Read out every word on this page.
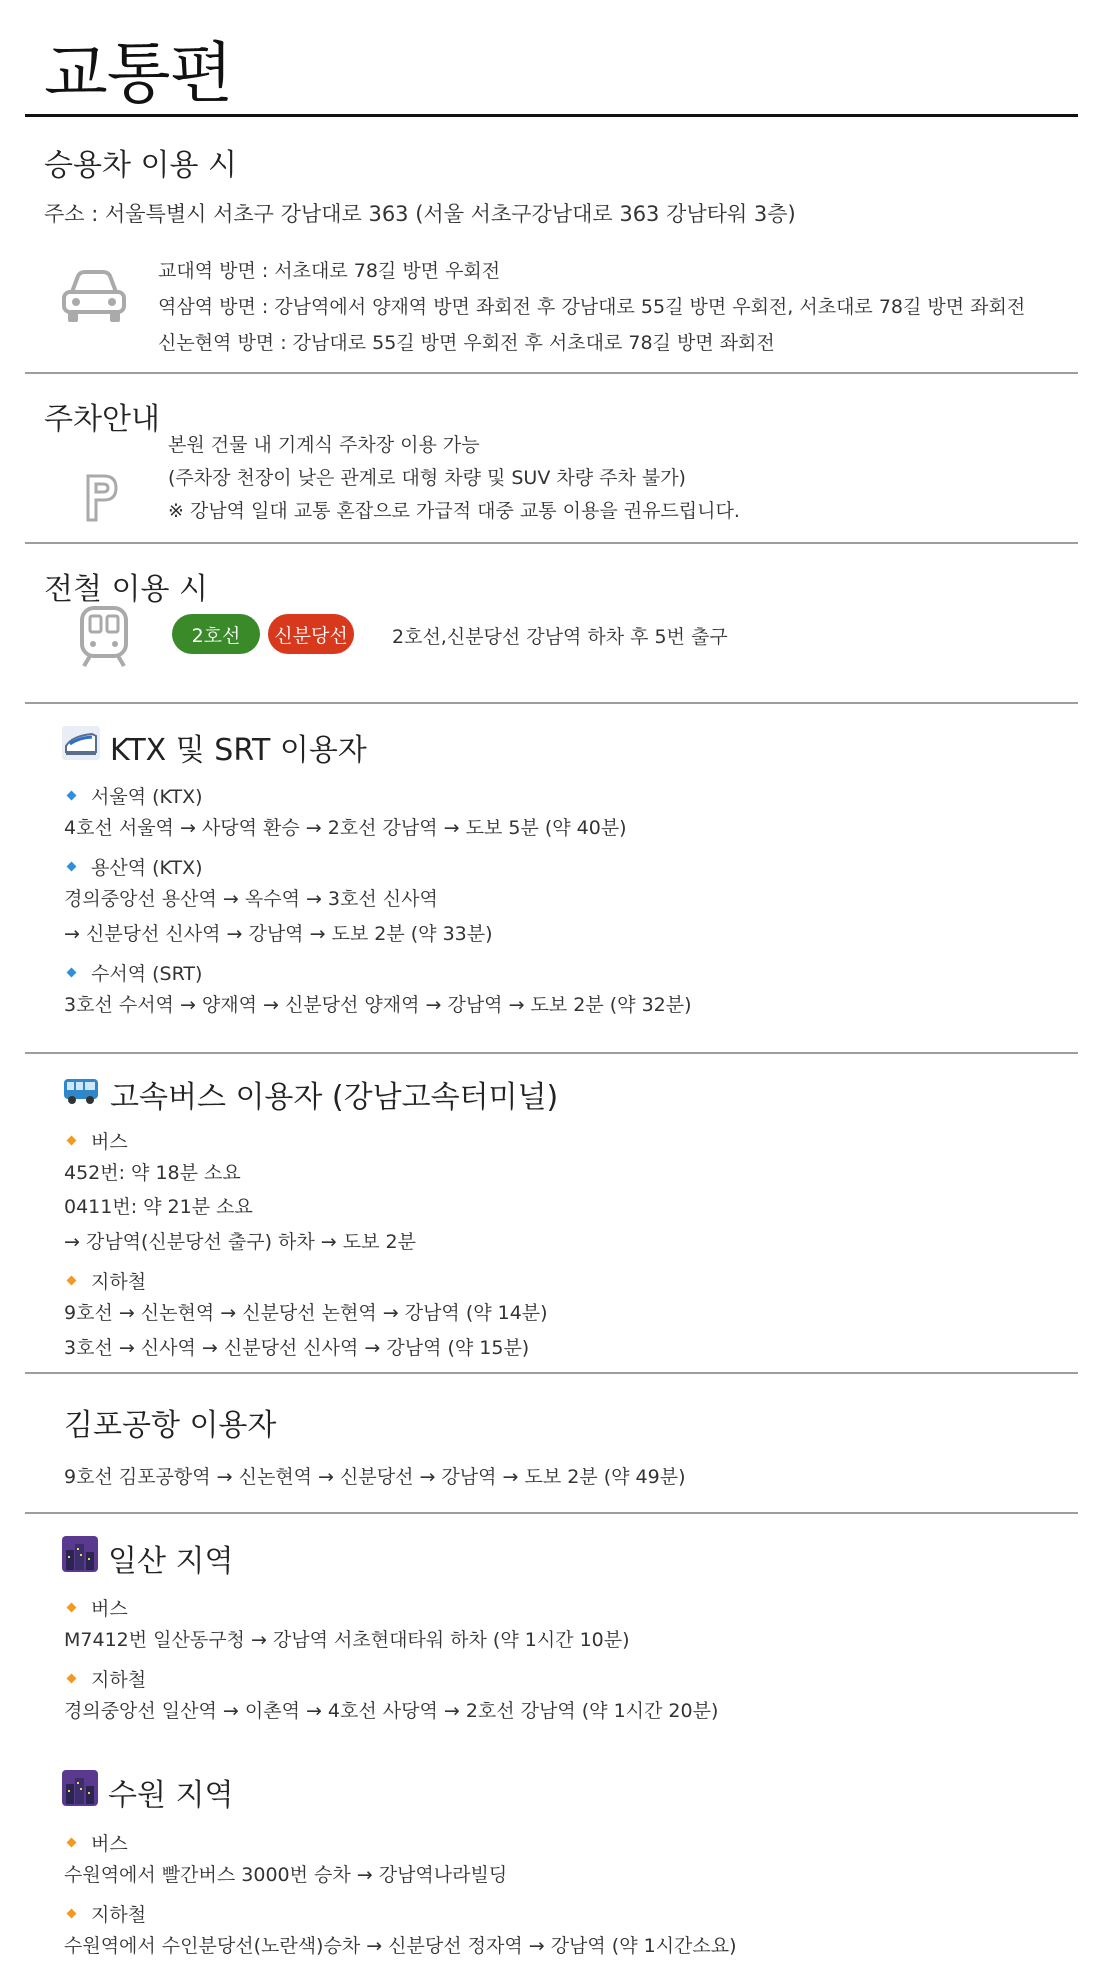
교통편
승용차 이용 시
주소 : 서울특별시 서초구 강남대로 363 (서울 서초구강남대로 363 강남타워 3층)
교대역 방면 : 서초대로 78길 방면 우회전
역삼역 방면 : 강남역에서 양재역 방면 좌회전 후 강남대로 55길 방면 우회전, 서초대로 78길 방면 좌회전
신논현역 방면 : 강남대로 55길 방면 우회전 후 서초대로 78길 방면 좌회전
주차안내
본원 건물 내 기계식 주차장 이용 가능
(주차장 천장이 낮은 관계로 대형 차량 및 SUV 차량 주차 불가)
※ 강남역 일대 교통 혼잡으로 가급적 대중 교통 이용을 권유드립니다.
전철 이용 시
2호선	신분당선	2호선,신분당선 강남역 하차 후 5번 출구
KTX 및 SRT 이용자
서울역 (KTX)
4호선 서울역 → 사당역 환승 → 2호선 강남역 → 도보 5분 (약 40분)
용산역 (KTX)
경의중앙선 용산역 → 옥수역 → 3호선 신사역
→ 신분당선 신사역 → 강남역 → 도보 2분 (약 33분)
수서역 (SRT)
3호선 수서역 → 양재역 → 신분당선 양재역 → 강남역 → 도보 2분 (약 32분)
고속버스 이용자 (강남고속터미널)
버스
452번: 약 18분 소요
0411번: 약 21분 소요
→ 강남역(신분당선 출구) 하차 → 도보 2분
지하철
9호선 → 신논현역 → 신분당선 논현역 → 강남역 (약 14분)
3호선 → 신사역 → 신분당선 신사역 → 강남역 (약 15분)
김포공항 이용자
9호선 김포공항역 → 신논현역 → 신분당선 → 강남역 → 도보 2분 (약 49분)
일산 지역
버스
M7412번 일산동구청 → 강남역 서초현대타워 하차 (약 1시간 10분)
지하철
경의중앙선 일산역 → 이촌역 → 4호선 사당역 → 2호선 강남역 (약 1시간 20분)
수원 지역
버스
수원역에서 빨간버스 3000번 승차 → 강남역나라빌딩
지하철
수원역에서 수인분당선(노란색)승차 → 신분당선 정자역 → 강남역 (약 1시간소요)
